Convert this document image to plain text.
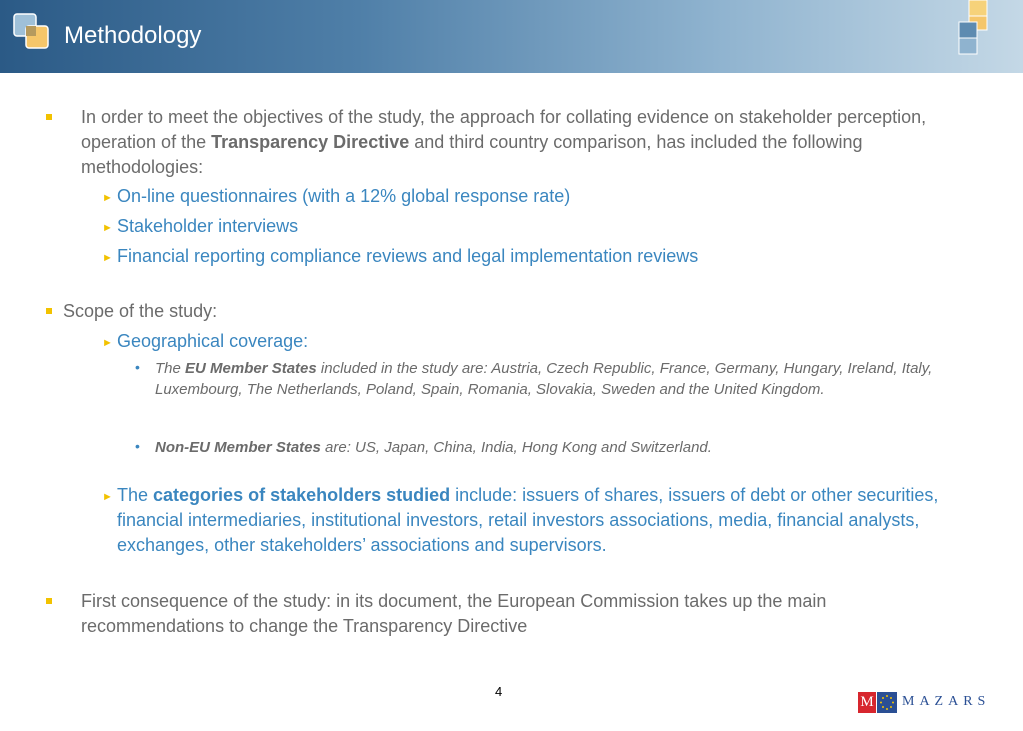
Methodology
In order to meet the objectives of the study, the approach for collating evidence on stakeholder perception, operation of the Transparency Directive and third country comparison, has included the following methodologies:
► On-line questionnaires (with a 12% global response rate)
► Stakeholder interviews
► Financial reporting compliance reviews and legal implementation reviews
Scope of the study:
► Geographical coverage:
• The EU Member States included in the study are: Austria, Czech Republic, France, Germany, Hungary, Ireland, Italy, Luxembourg, The Netherlands, Poland, Spain, Romania, Slovakia, Sweden and the United Kingdom.
• Non-EU Member States are: US, Japan, China, India, Hong Kong and Switzerland.
► The categories of stakeholders studied include: issuers of shares, issuers of debt or other securities, financial intermediaries, institutional investors, retail investors associations, media, financial analysts, exchanges, other stakeholders’ associations and supervisors.
First consequence of the study: in its document, the European Commission takes up the main recommendations to change the Transparency Directive
4
M MAZARS
